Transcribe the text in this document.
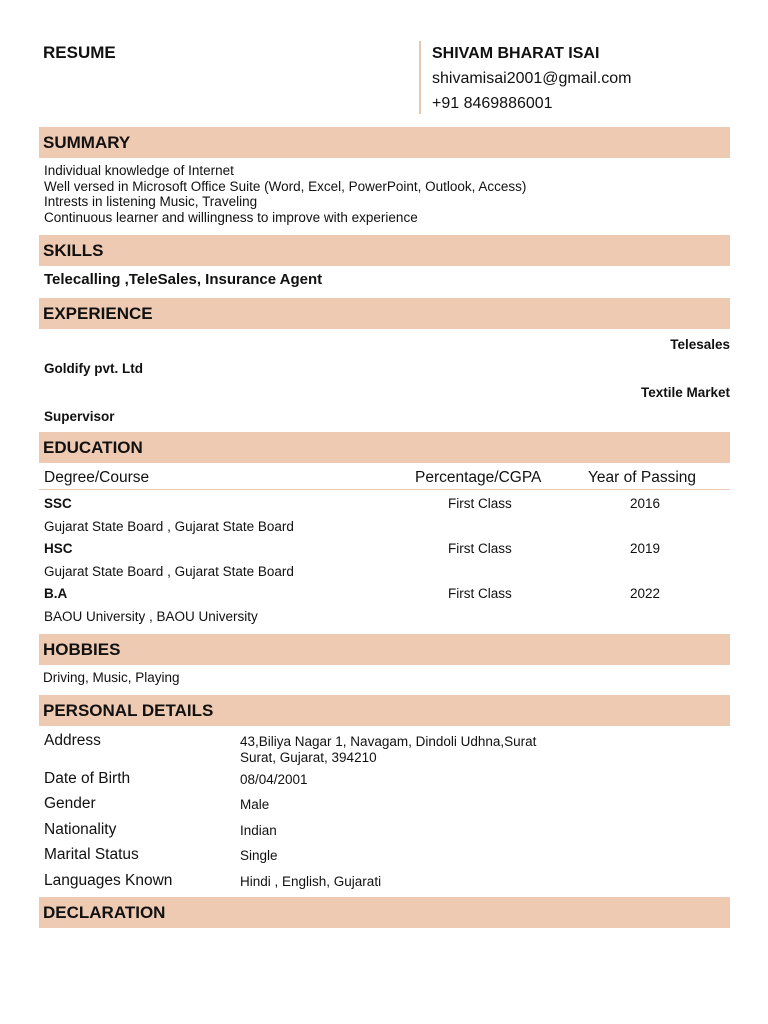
RESUME	SHIVAM BHARAT ISAI
shivamisai2001@gmail.com
+91 8469886001
SUMMARY
Individual knowledge of Internet
Well versed in Microsoft Office Suite (Word, Excel, PowerPoint, Outlook, Access)
Intrests in listening Music, Traveling
Continuous learner and willingness to improve with experience
SKILLS
Telecalling ,TeleSales, Insurance Agent
EXPERIENCE
Telesales
Goldify pvt. Ltd
Textile Market
Supervisor
EDUCATION
Degree/Course	Percentage/CGPA	Year of Passing
SSC	First Class	2016
Gujarat State Board , Gujarat State Board
HSC	First Class	2019
Gujarat State Board , Gujarat State Board
B.A	First Class	2022
BAOU University , BAOU University
HOBBIES
Driving, Music, Playing
PERSONAL DETAILS
Address	43,Biliya Nagar 1, Navagam, Dindoli Udhna,Surat
Surat, Gujarat, 394210
Date of Birth	08/04/2001
Gender	Male
Nationality	Indian
Marital Status	Single
Languages Known	Hindi , English, Gujarati
DECLARATION
